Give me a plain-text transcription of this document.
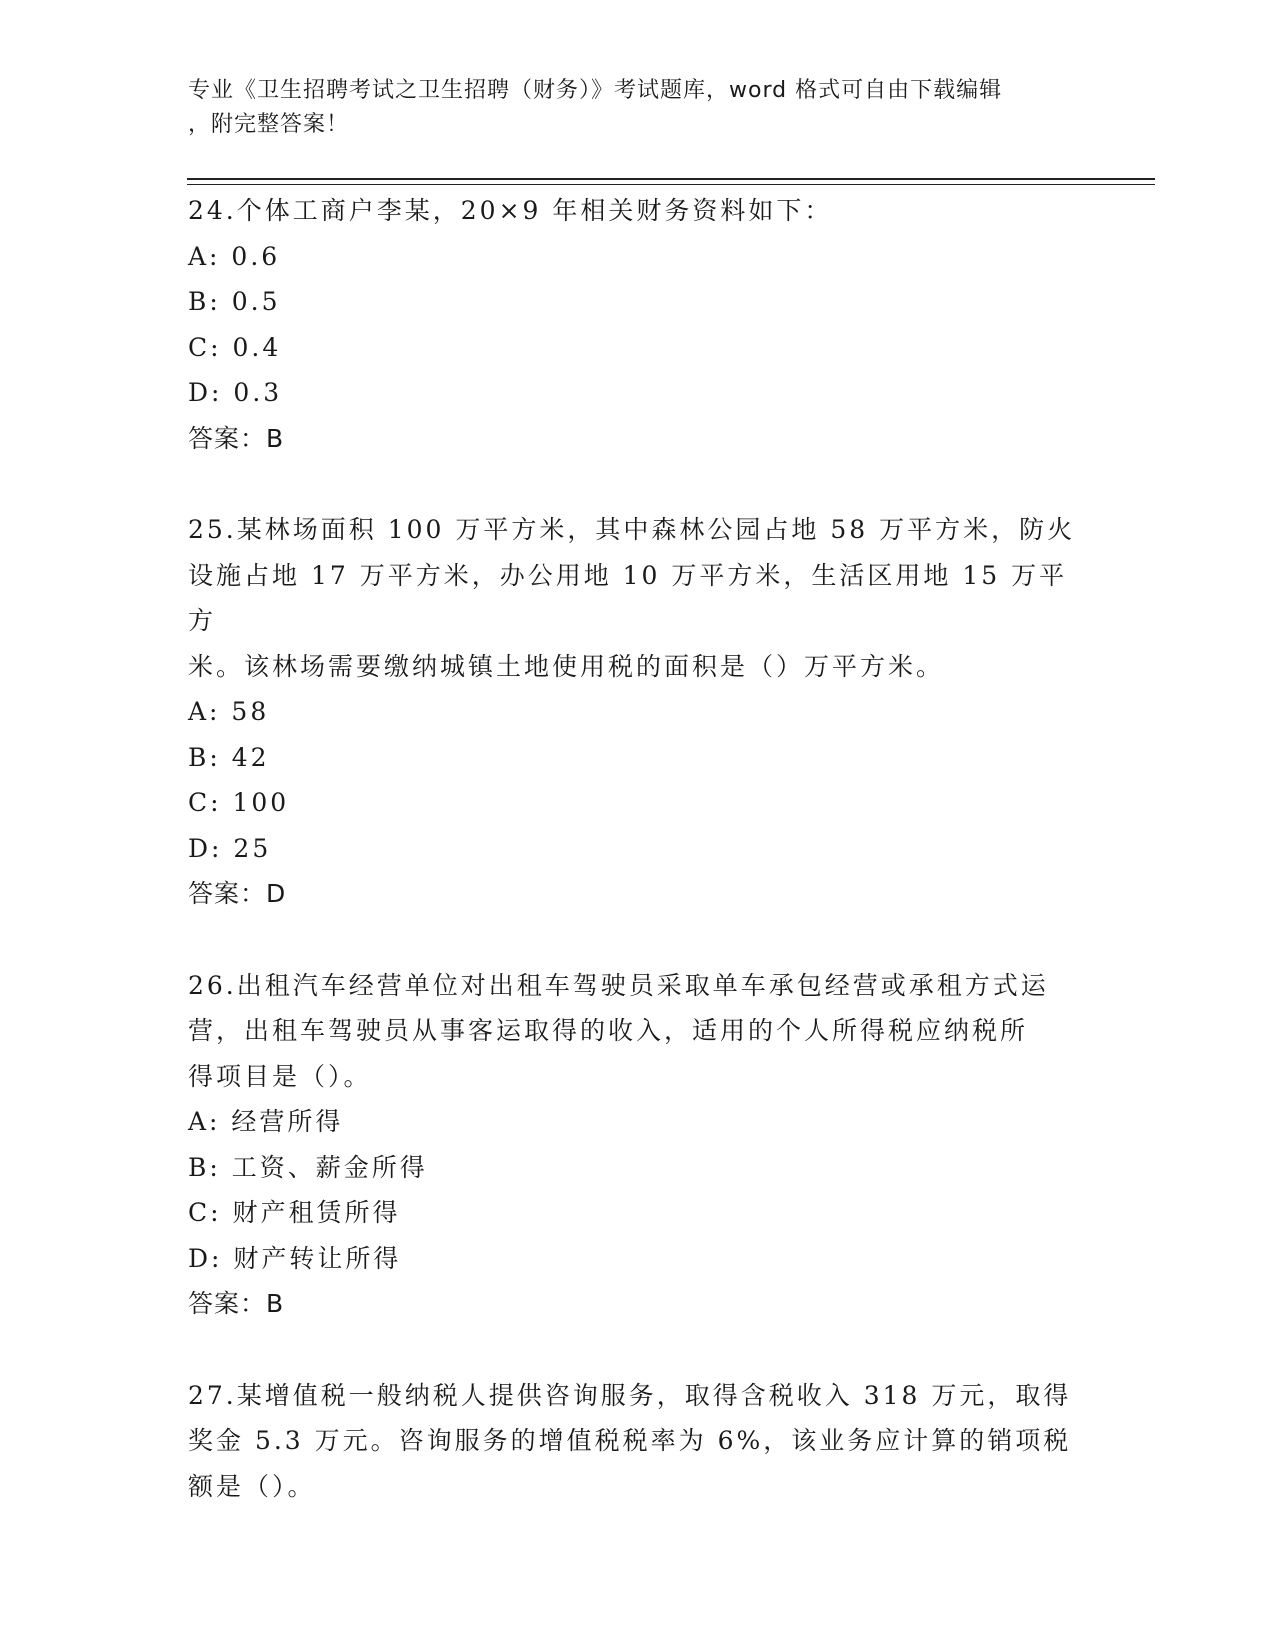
专业《卫生招聘考试之卫生招聘（财务）》考试题库，word 格式可自由下载编辑
，附完整答案！
24.个体工商户李某，20×9 年相关财务资料如下：
A: 0.6
B: 0.5
C: 0.4
D: 0.3
答案：B
25.某林场面积 100 万平方米，其中森林公园占地 58 万平方米，防火
设施占地 17 万平方米，办公用地 10 万平方米，生活区用地 15 万平方
米。该林场需要缴纳城镇土地使用税的面积是（）万平方米。
A: 58
B: 42
C: 100
D: 25
答案：D
26.出租汽车经营单位对出租车驾驶员采取单车承包经营或承租方式运
营，出租车驾驶员从事客运取得的收入，适用的个人所得税应纳税所
得项目是（）。
A: 经营所得
B: 工资、薪金所得
C: 财产租赁所得
D: 财产转让所得
答案：B
27.某增值税一般纳税人提供咨询服务，取得含税收入 318 万元，取得
奖金 5.3 万元。咨询服务的增值税税率为 6%，该业务应计算的销项税
额是（）。
